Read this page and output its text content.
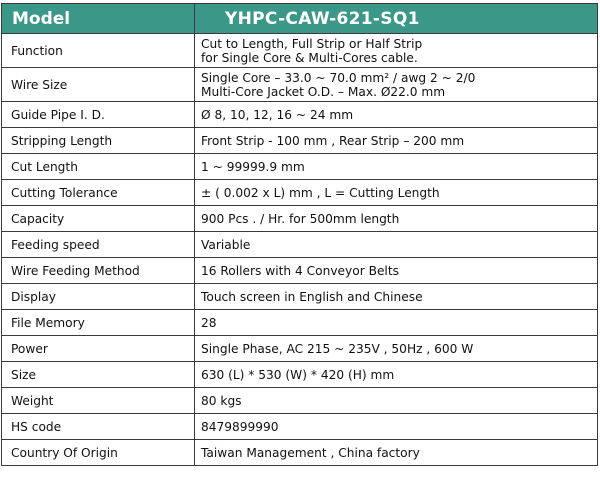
Model	YHPC-CAW-621-SQ1
Function	Cut to Length, Full Strip or Half Strip
for Single Core & Multi-Cores cable.

Wire Size	Single Core – 33.0 ~ 70.0 mm² / awg 2 ~ 2/0
Multi-Core Jacket O.D. – Max. Ø22.0 mm

Guide Pipe I. D.	Ø 8, 10, 12, 16 ~ 24 mm

Stripping Length	Front Strip - 100 mm , Rear Strip – 200 mm

Cut Length	1 ~ 99999.9 mm

Cutting Tolerance	± ( 0.002 x L) mm , L = Cutting Length

Capacity	900 Pcs . / Hr. for 500mm length

Feeding speed	Variable

Wire Feeding Method	16 Rollers with 4 Conveyor Belts

Display	Touch screen in English and Chinese

File Memory	28

Power	Single Phase, AC 215 ~ 235V , 50Hz , 600 W

Size	630 (L) * 530 (W) * 420 (H) mm

Weight	80 kgs

HS code	8479899990

Country Of Origin	Taiwan Management , China factory
